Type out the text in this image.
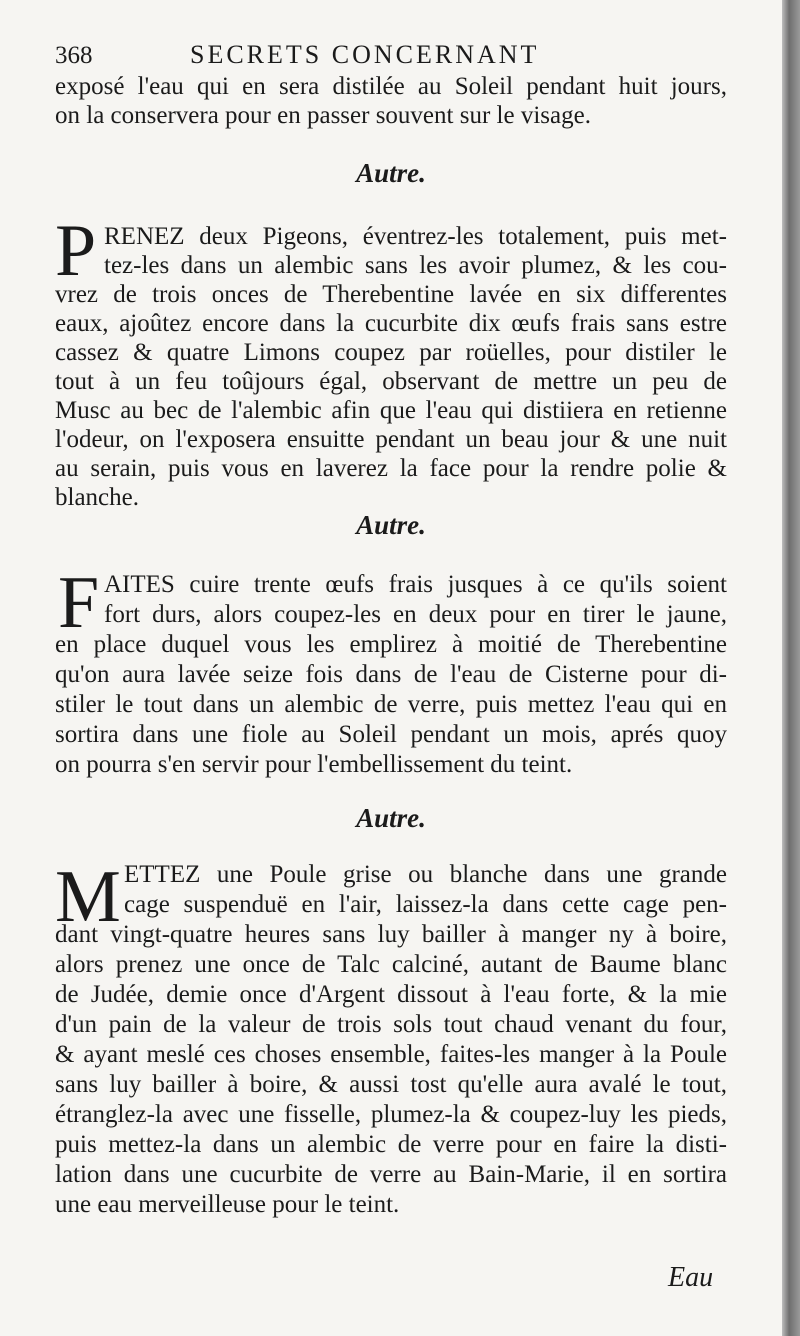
368	SECRETS CONCERNANT
exposé l'eau qui en sera distilée au Soleil pendant huit jours,
on la conservera pour en passer souvent sur le visage.
Autre.
P RENEZ deux Pigeons, éventrez-les totalement, puis met-
tez-les dans un alembic sans les avoir plumez, & les cou-
vrez de trois onces de Therebentine lavée en six differentes
eaux, ajoûtez encore dans la cucurbite dix œufs frais sans estre
cassez & quatre Limons coupez par roüelles, pour distiler le
tout à un feu toûjours égal, observant de mettre un peu de
Musc au bec de l'alembic afin que l'eau qui distiiera en retienne
l'odeur, on l'exposera ensuitte pendant un beau jour & une nuit
au serain, puis vous en laverez la face pour la rendre polie &
blanche.
Autre.
F AITES cuire trente œufs frais jusques à ce qu'ils soient
fort durs, alors coupez-les en deux pour en tirer le jaune,
en place duquel vous les emplirez à moitié de Therebentine
qu'on aura lavée seize fois dans de l'eau de Cisterne pour di-
stiler le tout dans un alembic de verre, puis mettez l'eau qui en
sortira dans une fiole au Soleil pendant un mois, aprés quoy
on pourra s'en servir pour l'embellissement du teint.
Autre.
M ETTEZ une Poule grise ou blanche dans une grande
cage suspenduë en l'air, laissez-la dans cette cage pen-
dant vingt-quatre heures sans luy bailler à manger ny à boire,
alors prenez une once de Talc calciné, autant de Baume blanc
de Judée, demie once d'Argent dissout à l'eau forte, & la mie
d'un pain de la valeur de trois sols tout chaud venant du four,
& ayant meslé ces choses ensemble, faites-les manger à la Poule
sans luy bailler à boire, & aussi tost qu'elle aura avalé le tout,
étranglez-la avec une fisselle, plumez-la & coupez-luy les pieds,
puis mettez-la dans un alembic de verre pour en faire la disti-
lation dans une cucurbite de verre au Bain-Marie, il en sortira
une eau merveilleuse pour le teint.
Eau
